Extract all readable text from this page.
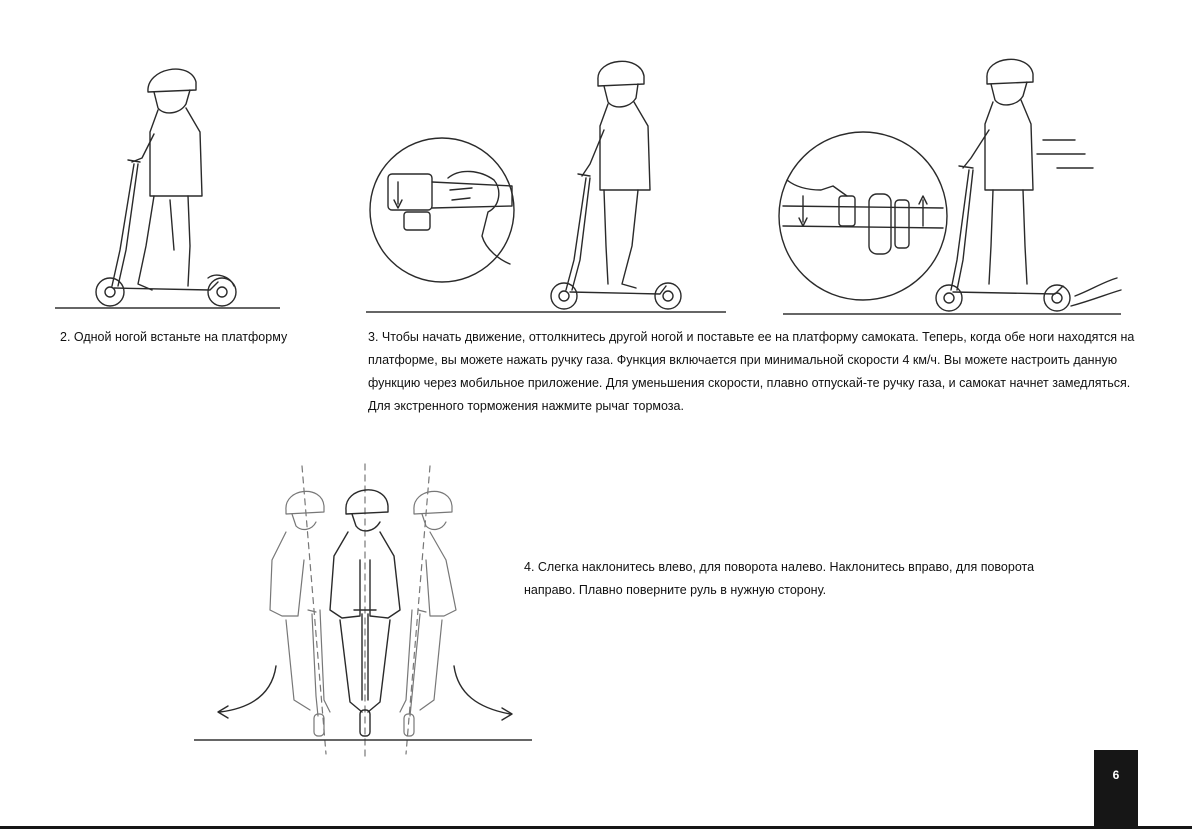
2. Одной ногой встаньте на платформу	3. Чтобы начать движение, оттолкнитесь другой ногой и поставьте ее на платформу самоката. Теперь, когда обе ноги находятся на платформе, вы можете нажать ручку газа. Функция включается при минимальной скорости 4 км/ч. Вы можете настроить данную функцию через мобильное приложение. Для уменьшения скорости, плавно отпускай-те ручку газа, и самокат начнет замедляться. Для экстренного торможения нажмите рычаг тормоза.

4. Слегка наклонитесь влево, для поворота налево. Наклонитесь вправо, для поворота направо. Плавно поверните руль в нужную сторону.

6
